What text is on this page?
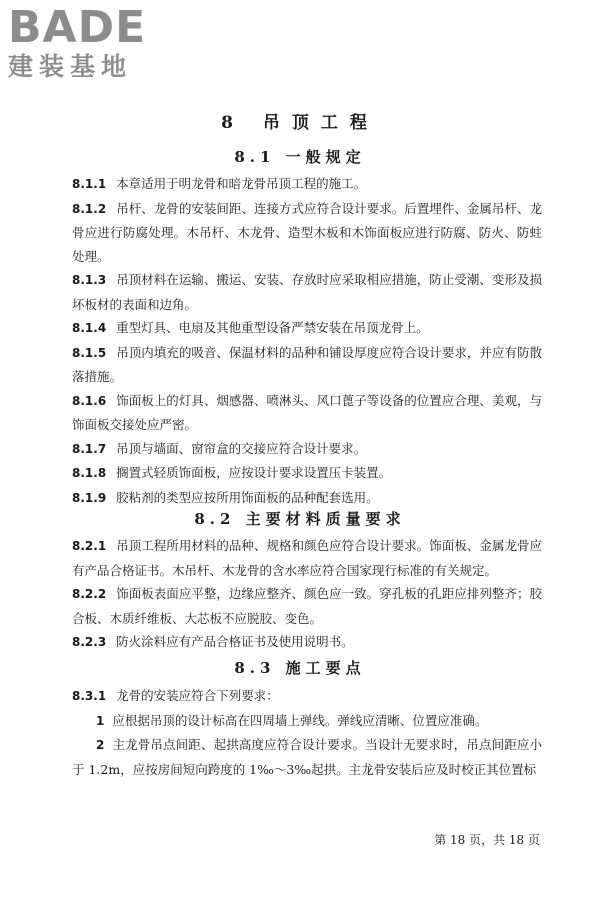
BADE
建装基地
8 吊顶工程
8.1 一般规定

8.1.1 本章适用于明龙骨和暗龙骨吊顶工程的施工。

8.1.2 吊杆、龙骨的安装间距、连接方式应符合设计要求。后置埋件、金属吊杆、龙骨应进行防腐处理。木吊杆、木龙骨、造型木板和木饰面板应进行防腐、防火、防蛀处理。

8.1.3 吊顶材料在运输、搬运、安装、存放时应采取相应措施，防止受潮、变形及损坏板材的表面和边角。

8.1.4 重型灯具、电扇及其他重型设备严禁安装在吊顶龙骨上。

8.1.5 吊顶内填充的吸音、保温材料的品种和铺设厚度应符合设计要求，并应有防散落措施。

8.1.6 饰面板上的灯具、烟感器、喷淋头、风口蓖子等设备的位置应合理、美观，与饰面板交接处应严密。

8.1.7 吊顶与墙面、窗帘盒的交接应符合设计要求。

8.1.8 搁置式轻质饰面板，应按设计要求设置压卡装置。

8.1.9 胶粘剂的类型应按所用饰面板的品种配套选用。

8.2 主要材料质量要求

8.2.1 吊顶工程所用材料的品种、规格和颜色应符合设计要求。饰面板、金属龙骨应有产品合格证书。木吊杆、木龙骨的含水率应符合国家现行标准的有关规定。

8.2.2 饰面板表面应平整，边缘应整齐、颜色应一致。穿孔板的孔距应排列整齐；胶合板、木质纤维板、大芯板不应脱胶、变色。

8.2.3 防火涂料应有产品合格证书及使用说明书。

8.3 施工要点

8.3.1 龙骨的安装应符合下列要求：

1 应根据吊顶的设计标高在四周墙上弹线。弹线应清晰、位置应准确。

2 主龙骨吊点间距、起拱高度应符合设计要求。当设计无要求时，吊点间距应小于 1.2m，应按房间短向跨度的 1‰～3‰起拱。主龙骨安装后应及时校正其位置标

第 18 页，共 18 页
